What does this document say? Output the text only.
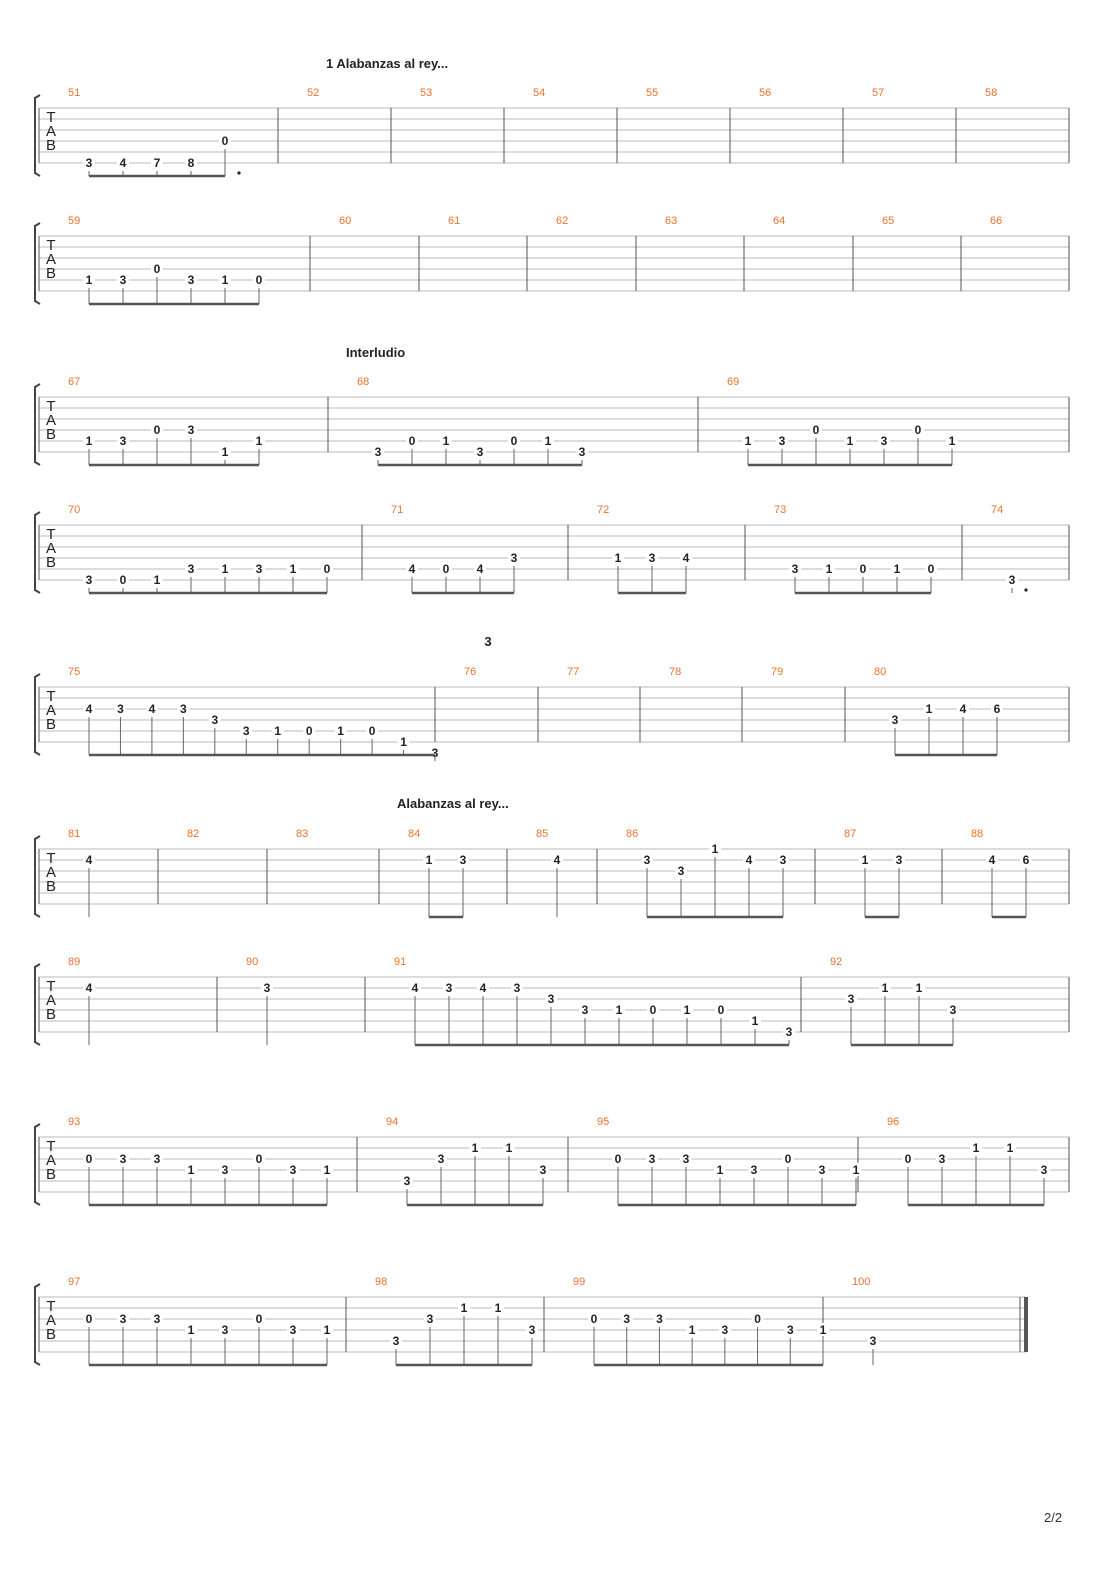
1 Alabanzas al rey...
Interludio
3
Alabanzas al rey...
T
A
B
51
3 4 7 8
0
52	53	54	55	56	57	58
T
A
B
59
1 3
0
3 1 0
60	61	62	63	64	65	66
T
A
B
67
1 3
0 3
1
1
68
3
0 1
3
0 1
3
69
1 3
0
1 3
0
1
T
A
B
70
3 0 1
3 1 3 1 0
71
4 0 4
3
72
1 3 4
73
3 1 0 1 0
74
3
T
A
B
75
4 3 4 3
3
3 1 0 1 0
1
3
76	77	78	79	80
3
1 4 6
T
A
B
81
4
82	83	84
1 3
85
4
86
3
3
1
4 3
87
1 3
88
4 6
T
A
B
89
4
90
3
91
4 3 4 3
3
3 1 0 1 0
1
3
92
3
1 1
3
T
A
B
93
0 3 3
1 3
0
3 1
94
3
3
1 1
3
95
0 3 3
1 3
0
3 1
96
0 3
1 1
3
T
A
B
97
0 3 3
1 3
0
3 1
98
3
3
1 1
3
99
0 3 3
1 3
0
3 1
100
3
2/2
